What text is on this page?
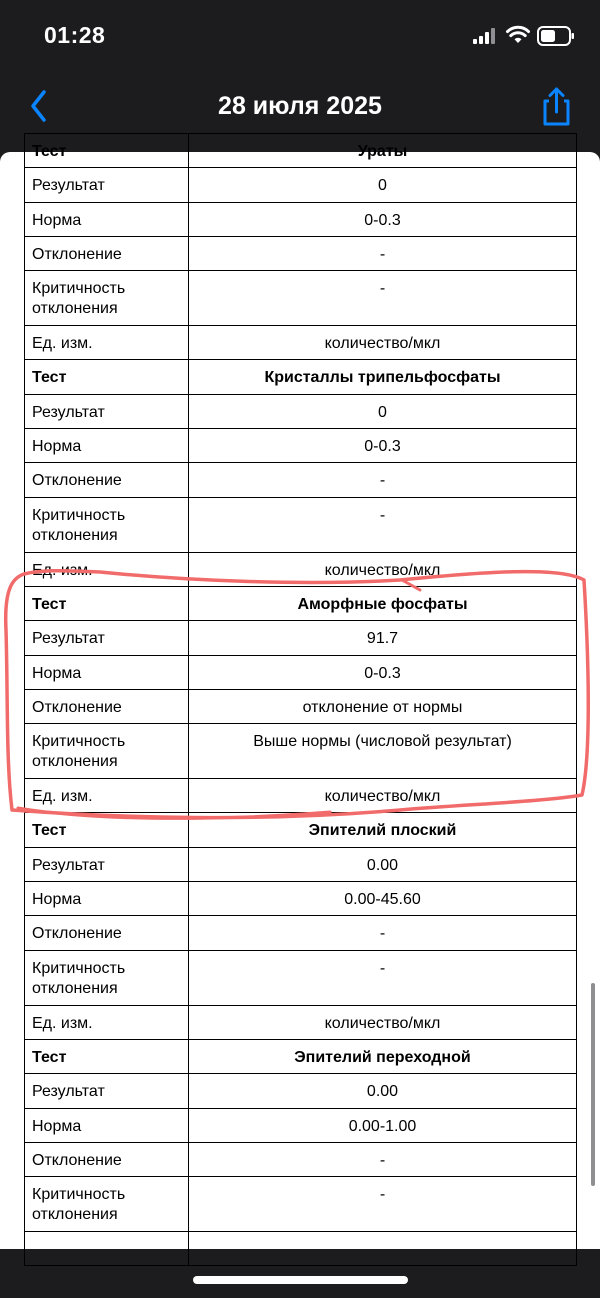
01:28
28 июля 2025
Тест	Ураты
Результат	0
Норма	0-0.3
Отклонение	-
Критичность отклонения	-
Ед. изм.	количество/мкл
Тест	Кристаллы трипельфосфаты
Результат	0
Норма	0-0.3
Отклонение	-
Критичность отклонения	-
Ед. изм.	количество/мкл
Тест	Аморфные фосфаты
Результат	91.7
Норма	0-0.3
Отклонение	отклонение от нормы
Критичность отклонения	Выше нормы (числовой результат)
Ед. изм.	количество/мкл
Тест	Эпителий плоский
Результат	0.00
Норма	0.00-45.60
Отклонение	-
Критичность отклонения	-
Ед. изм.	количество/мкл
Тест	Эпителий переходной
Результат	0.00
Норма	0.00-1.00
Отклонение	-
Критичность отклонения	-
